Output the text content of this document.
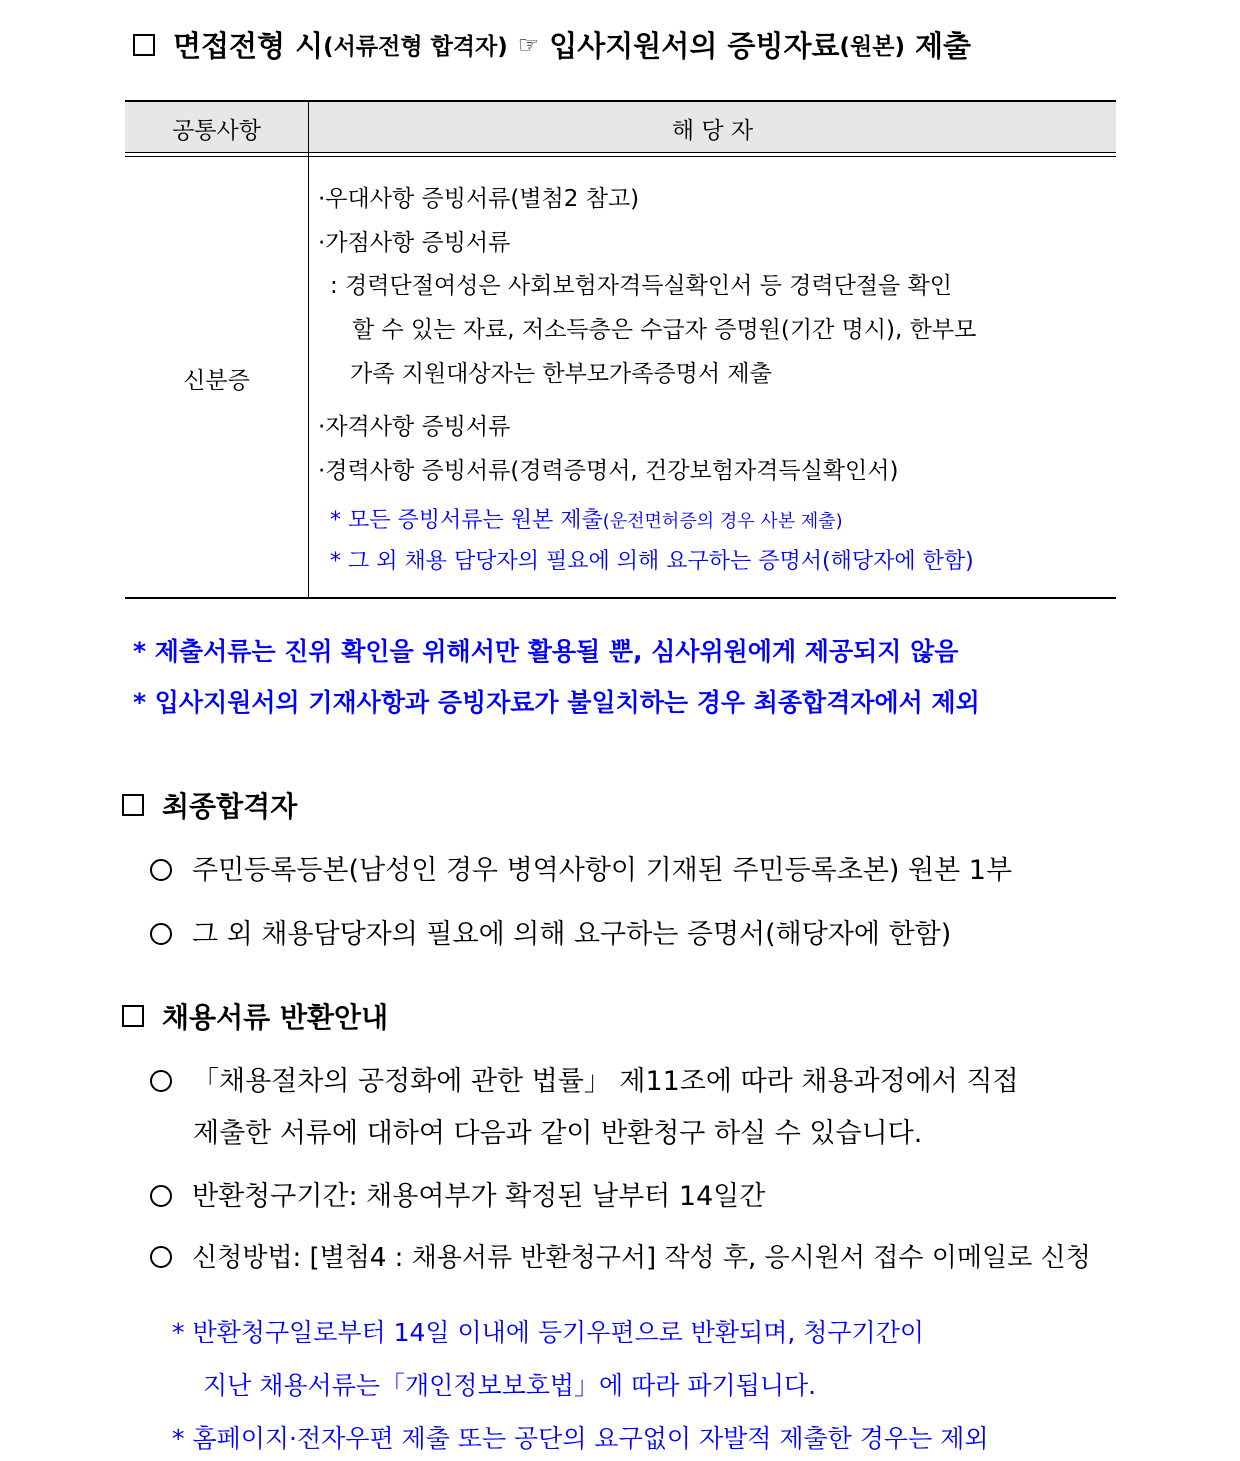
면접전형 시 (서류전형 합격자) ☞ 입사지원서의 증빙자료 (원본) 제출
공통사항	해 당 자
신분증
·우대사항 증빙서류(별첨2 참고)
·가점사항 증빙서류
: 경력단절여성은 사회보험자격득실확인서 등 경력단절을 확인
할 수 있는 자료, 저소득층은 수급자 증명원(기간 명시), 한부모
가족 지원대상자는 한부모가족증명서 제출
·자격사항 증빙서류
·경력사항 증빙서류(경력증명서, 건강보험자격득실확인서)
* 모든 증빙서류는 원본 제출(운전면허증의 경우 사본 제출)
* 그 외 채용 담당자의 필요에 의해 요구하는 증명서(해당자에 한함)
* 제출서류는 진위 확인을 위해서만 활용될 뿐, 심사위원에게 제공되지 않음
* 입사지원서의 기재사항과 증빙자료가 불일치하는 경우 최종합격자에서 제외
최종합격자
주민등록등본(남성인 경우 병역사항이 기재된 주민등록초본) 원본 1부
그 외 채용담당자의 필요에 의해 요구하는 증명서(해당자에 한함)
채용서류 반환안내
「채용절차의 공정화에 관한 법률」 제11조에 따라 채용과정에서 직접
제출한 서류에 대하여 다음과 같이 반환청구 하실 수 있습니다.
반환청구기간: 채용여부가 확정된 날부터 14일간
신청방법: [별첨4 : 채용서류 반환청구서] 작성 후, 응시원서 접수 이메일로 신청
* 반환청구일로부터 14일 이내에 등기우편으로 반환되며, 청구기간이
지난 채용서류는「개인정보보호법」에 따라 파기됩니다.
* 홈페이지·전자우편 제출 또는 공단의 요구없이 자발적 제출한 경우는 제외
